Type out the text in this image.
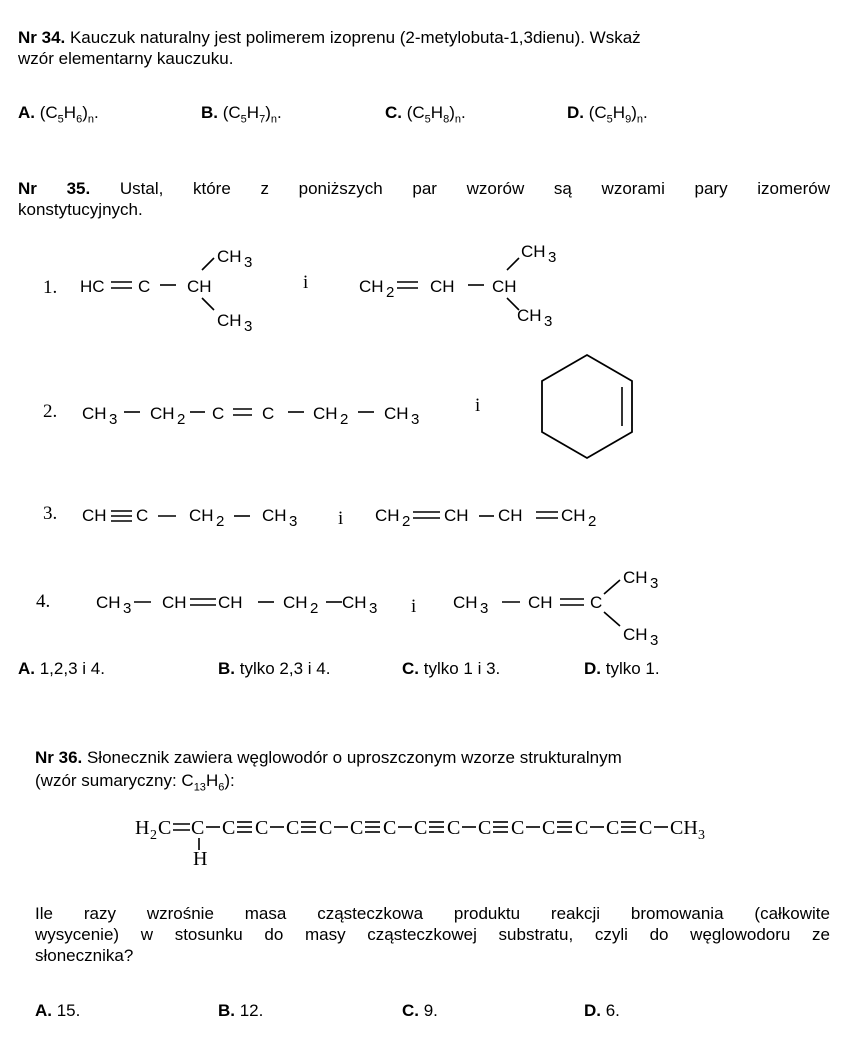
Nr 34. Kauczuk naturalny jest polimerem izoprenu (2-metylobuta-1,3dienu). Wskaż
wzór elementarny kauczuku.
A. $(C_5H_6)_n$.	B. $(C_5H_7)_n$.	C. $(C_5H_8)_n$.	D. $(C_5H_9)_n$.
Nr 35. Ustal, które z poniższych par wzorów są wzorami pary izomerów
konstytucyjnych.
1. HC C CH
CH 3
CH 3
i	CH 2 CH CH
CH 3
CH 3
2. CH 3 CH 2 C C CH 2 CH 3
i
3. CH C CH 2 CH 3 i CH 2 CH CH CH 2
4.	CH 3 CH CH CH 2 CH 3 i CH 3 CH C
CH 3
CH 3
A. 1,2,3 i 4.	B. tylko 2,3 i 4.	C. tylko 1 i 3.	D. tylko 1.
Nr 36. Słonecznik zawiera węglowodór o uproszczonym wzorze strukturalnym
(wzór sumaryczny: $C_{13}H_6$):
H 2 C C
H
C C C C C C C C C C C C C C CH 3
Ile razy wzrośnie masa cząsteczkowa produktu reakcji bromowania (całkowite
wysycenie) w stosunku do masy cząsteczkowej substratu, czyli do węglowodoru ze
słonecznika?
A. 15.	B. 12.	C. 9.	D. 6.
